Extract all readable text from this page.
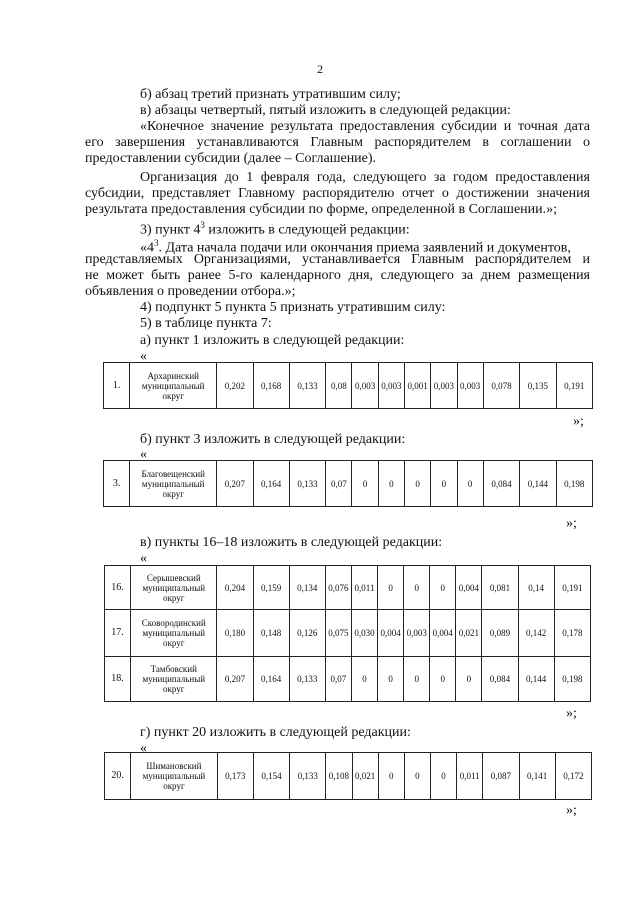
2
б) абзац третий признать утратившим силу;
в) абзацы четвертый, пятый изложить в следующей редакции:
«Конечное значение результата предоставления субсидии и точная дата
его завершения устанавливаются Главным распорядителем в соглашении о
предоставлении субсидии (далее – Соглашение).
Организация до 1 февраля года, следующего за годом предоставления
субсидии, представляет Главному распорядителю отчет о достижении значения
результата предоставления субсидии по форме, определенной в Соглашении.»;
3) пункт $4^3$ изложить в следующей редакции:
«$4^3$. Дата начала подачи или окончания приема заявлений и документов,
представляемых Организациями, устанавливается Главным распорядителем и
не может быть ранее 5-го календарного дня, следующего за днем размещения
объявления о проведении отбора.»;
4) подпункт 5 пункта 5 признать утратившим силу:
5) в таблице пункта 7:
а) пункт 1 изложить в следующей редакции:
«
1.	Архаринский муниципальный округ	0,202	0,168	0,133	0,08	0,003	0,003	0,001	0,003	0,003	0,078	0,135	0,191
»;
б) пункт 3 изложить в следующей редакции:
«
3.	Благовещенский муниципальный округ	0,207	0,164	0,133	0,07	0	0	0	0	0	0,084	0,144	0,198
»;
в) пункты 16–18 изложить в следующей редакции:
«
16.	Серышевский муниципальный округ	0,204	0,159	0,134	0,076	0,011	0	0	0	0,004	0,081	0,14	0,191
17.	Сковородинский муниципальный округ	0,180	0,148	0,126	0,075	0,030	0,004	0,003	0,004	0,021	0,089	0,142	0,178
18.	Тамбовский муниципальный округ	0,207	0,164	0,133	0,07	0	0	0	0	0	0,084	0,144	0,198
»;
г) пункт 20 изложить в следующей редакции:
«
20.	Шимановский муниципальный округ	0,173	0,154	0,133	0,108	0,021	0	0	0	0,011	0,087	0,141	0,172
»;
